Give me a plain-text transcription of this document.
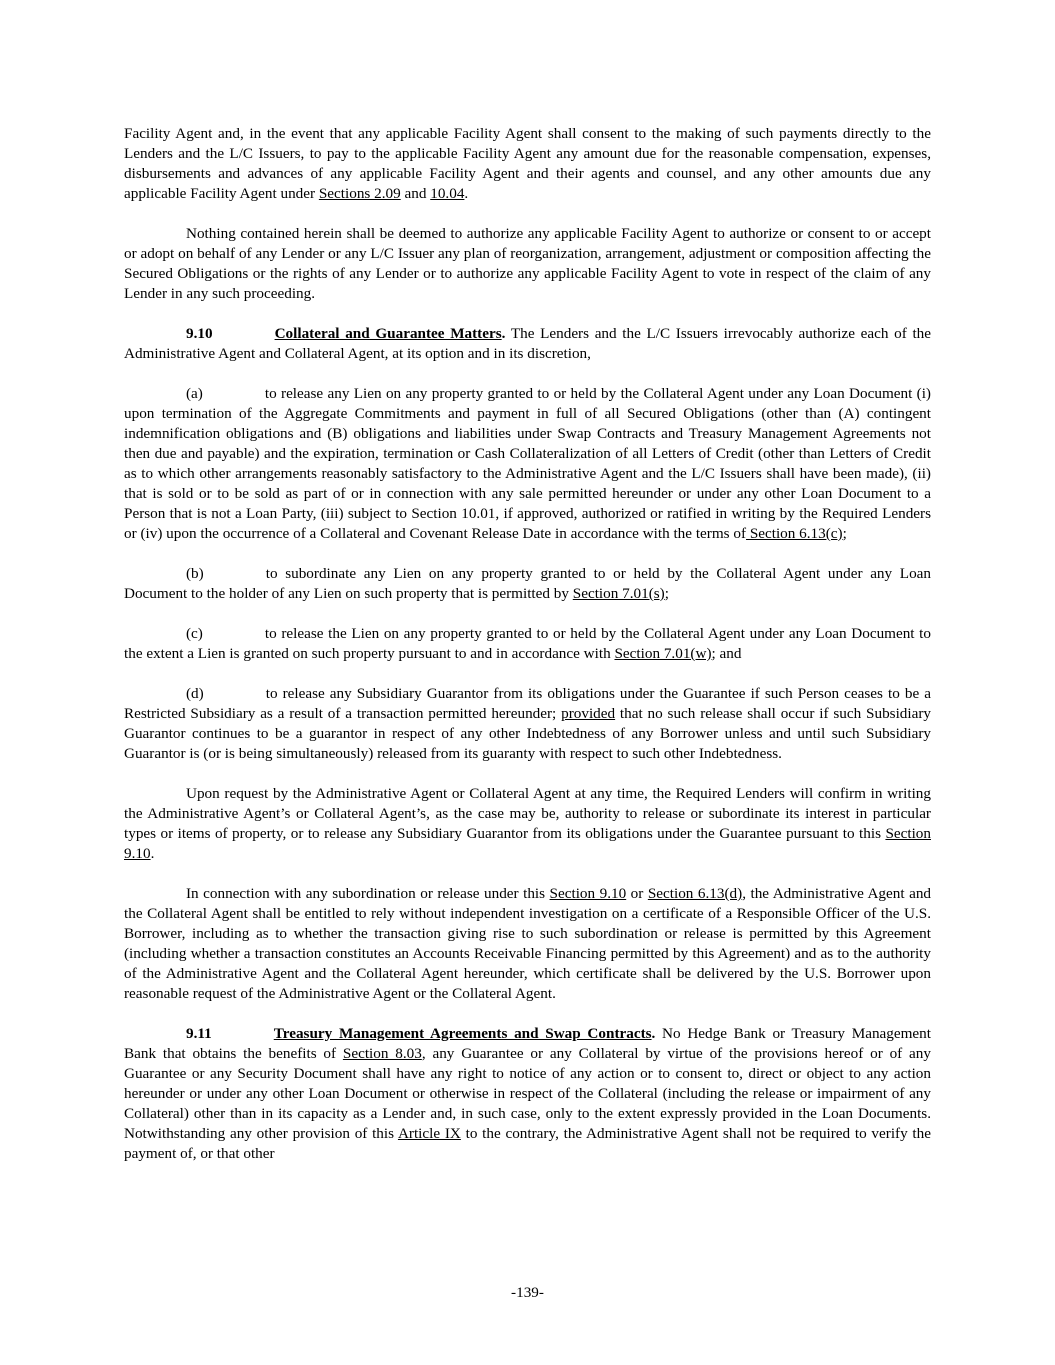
Facility Agent and, in the event that any applicable Facility Agent shall consent to the making of such payments directly to the Lenders and the L/C Issuers, to pay to the applicable Facility Agent any amount due for the reasonable compensation, expenses, disbursements and advances of any applicable Facility Agent and their agents and counsel, and any other amounts due any applicable Facility Agent under Sections 2.09 and 10.04.

Nothing contained herein shall be deemed to authorize any applicable Facility Agent to authorize or consent to or accept or adopt on behalf of any Lender or any L/C Issuer any plan of reorganization, arrangement, adjustment or composition affecting the Secured Obligations or the rights of any Lender or to authorize any applicable Facility Agent to vote in respect of the claim of any Lender in any such proceeding.

9.10	Collateral and Guarantee Matters. The Lenders and the L/C Issuers irrevocably authorize each of the Administrative Agent and Collateral Agent, at its option and in its discretion,

(a)	to release any Lien on any property granted to or held by the Collateral Agent under any Loan Document (i) upon termination of the Aggregate Commitments and payment in full of all Secured Obligations (other than (A) contingent indemnification obligations and (B) obligations and liabilities under Swap Contracts and Treasury Management Agreements not then due and payable) and the expiration, termination or Cash Collateralization of all Letters of Credit (other than Letters of Credit as to which other arrangements reasonably satisfactory to the Administrative Agent and the L/C Issuers shall have been made), (ii) that is sold or to be sold as part of or in connection with any sale permitted hereunder or under any other Loan Document to a Person that is not a Loan Party, (iii) subject to Section 10.01, if approved, authorized or ratified in writing by the Required Lenders or (iv) upon the occurrence of a Collateral and Covenant Release Date in accordance with the terms of Section 6.13(c);

(b)	to subordinate any Lien on any property granted to or held by the Collateral Agent under any Loan Document to the holder of any Lien on such property that is permitted by Section 7.01(s);

(c)	to release the Lien on any property granted to or held by the Collateral Agent under any Loan Document to the extent a Lien is granted on such property pursuant to and in accordance with Section 7.01(w); and

(d)	to release any Subsidiary Guarantor from its obligations under the Guarantee if such Person ceases to be a Restricted Subsidiary as a result of a transaction permitted hereunder; provided that no such release shall occur if such Subsidiary Guarantor continues to be a guarantor in respect of any other Indebtedness of any Borrower unless and until such Subsidiary Guarantor is (or is being simultaneously) released from its guaranty with respect to such other Indebtedness.

Upon request by the Administrative Agent or Collateral Agent at any time, the Required Lenders will confirm in writing the Administrative Agent’s or Collateral Agent’s, as the case may be, authority to release or subordinate its interest in particular types or items of property, or to release any Subsidiary Guarantor from its obligations under the Guarantee pursuant to this Section 9.10.

In connection with any subordination or release under this Section 9.10 or Section 6.13(d), the Administrative Agent and the Collateral Agent shall be entitled to rely without independent investigation on a certificate of a Responsible Officer of the U.S. Borrower, including as to whether the transaction giving rise to such subordination or release is permitted by this Agreement (including whether a transaction constitutes an Accounts Receivable Financing permitted by this Agreement) and as to the authority of the Administrative Agent and the Collateral Agent hereunder, which certificate shall be delivered by the U.S. Borrower upon reasonable request of the Administrative Agent or the Collateral Agent.

9.11	Treasury Management Agreements and Swap Contracts. No Hedge Bank or Treasury Management Bank that obtains the benefits of Section 8.03, any Guarantee or any Collateral by virtue of the provisions hereof or of any Guarantee or any Security Document shall have any right to notice of any action or to consent to, direct or object to any action hereunder or under any other Loan Document or otherwise in respect of the Collateral (including the release or impairment of any Collateral) other than in its capacity as a Lender and, in such case, only to the extent expressly provided in the Loan Documents. Notwithstanding any other provision of this Article IX to the contrary, the Administrative Agent shall not be required to verify the payment of, or that other

-139-
